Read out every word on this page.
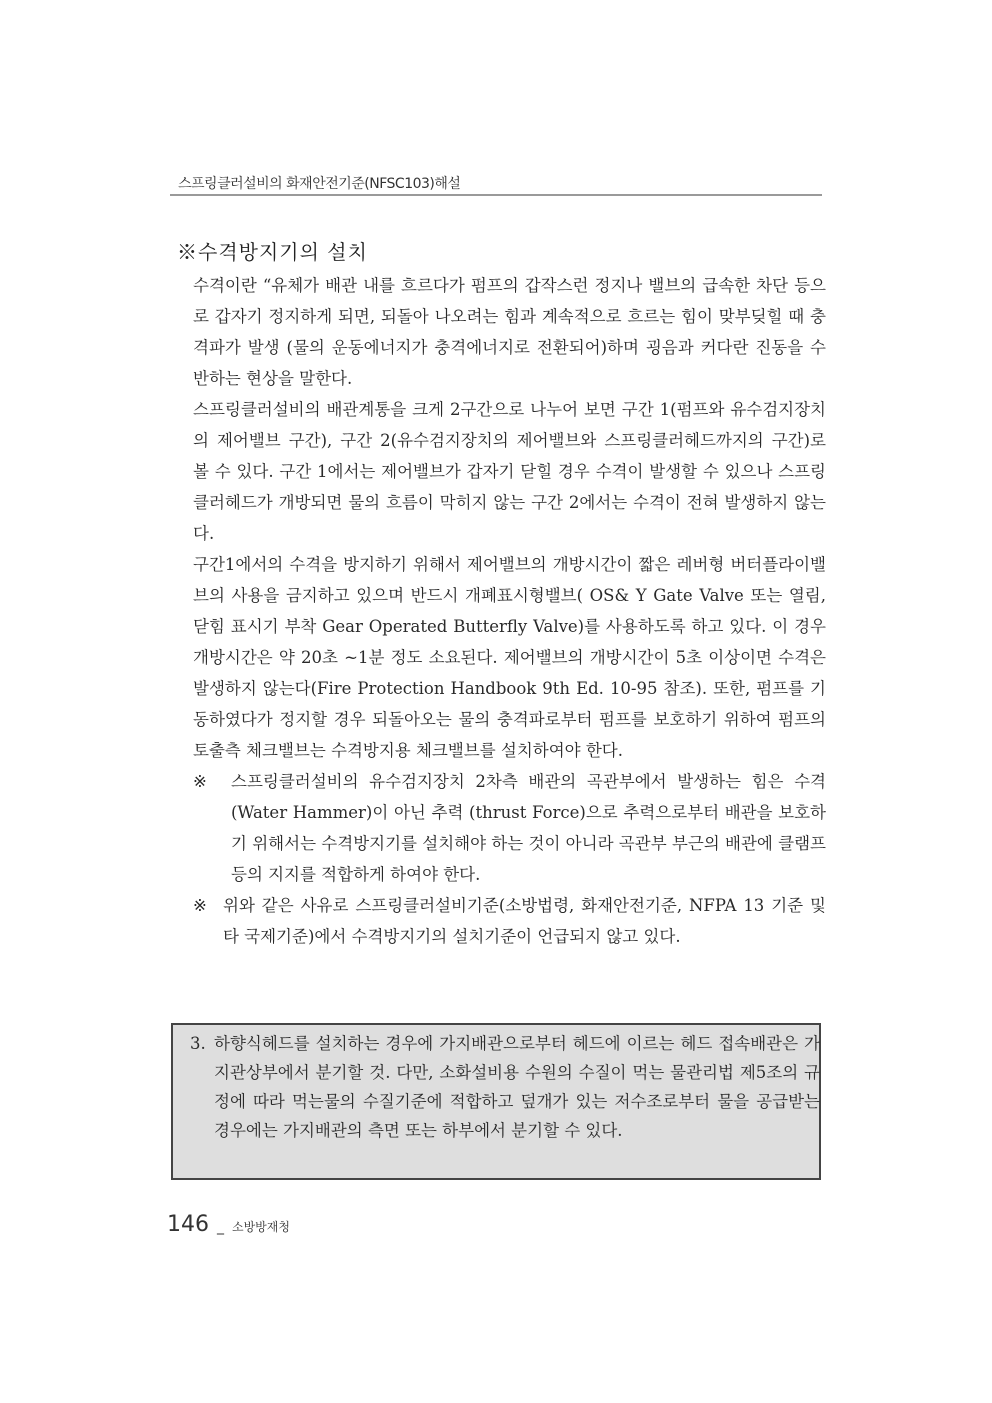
스프링클러설비의 화재안전기준(NFSC103)해설
※수격방지기의 설치

수격이란 “유체가 배관 내를 흐르다가 펌프의 갑작스런 정지나 밸브의 급속한 차단 등으로 갑자기 정지하게 되면, 되돌아 나오려는 힘과 계속적으로 흐르는 힘이 맞부딪힐 때 충격파가 발생 (물의 운동에너지가 충격에너지로 전환되어)하며 굉음과 커다란 진동을 수반하는 현상을 말한다.

스프링클러설비의 배관계통을 크게 2구간으로 나누어 보면 구간 1(펌프와 유수검지장치의 제어밸브 구간), 구간 2(유수검지장치의 제어밸브와 스프링클러헤드까지의 구간)로 볼 수 있다. 구간 1에서는 제어밸브가 갑자기 닫힐 경우 수격이 발생할 수 있으나 스프링클러헤드가 개방되면 물의 흐름이 막히지 않는 구간 2에서는 수격이 전혀 발생하지 않는다.

구간1에서의 수격을 방지하기 위해서 제어밸브의 개방시간이 짧은 레버형 버터플라이밸브의 사용을 금지하고 있으며 반드시 개폐표시형밸브( OS& Y Gate Valve 또는 열림, 닫힘 표시기 부착 Gear Operated Butterfly Valve)를 사용하도록 하고 있다. 이 경우 개방시간은 약 20초 ~1분 정도 소요된다. 제어밸브의 개방시간이 5초 이상이면 수격은 발생하지 않는다(Fire Protection Handbook 9th Ed. 10-95 참조). 또한, 펌프를 기동하였다가 정지할 경우 되돌아오는 물의 충격파로부터 펌프를 보호하기 위하여 펌프의 토출측 체크밸브는 수격방지용 체크밸브를 설치하여야 한다.

※	스프링클러설비의 유수검지장치 2차측 배관의 곡관부에서 발생하는 힘은 수격(Water Hammer)이 아닌 추력 (thrust Force)으로 추력으로부터 배관을 보호하기 위해서는 수격방지기를 설치해야 하는 것이 아니라 곡관부 부근의 배관에 클램프 등의 지지를 적합하게 하여야 한다.
※ 위와 같은 사유로 스프링클러설비기준(소방법령, 화재안전기준, NFPA 13 기준 및 타 국제기준)에서 수격방지기의 설치기준이 언급되지 않고 있다.
3. 하향식헤드를 설치하는 경우에 가지배관으로부터 헤드에 이르는 헤드 접속배관은 가지관상부에서 분기할 것. 다만, 소화설비용 수원의 수질이 먹는 물관리법 제5조의 규정에 따라 먹는물의 수질기준에 적합하고 덮개가 있는 저수조로부터 물을 공급받는 경우에는 가지배관의 측면 또는 하부에서 분기할 수 있다.
146 _ 소방방재청
